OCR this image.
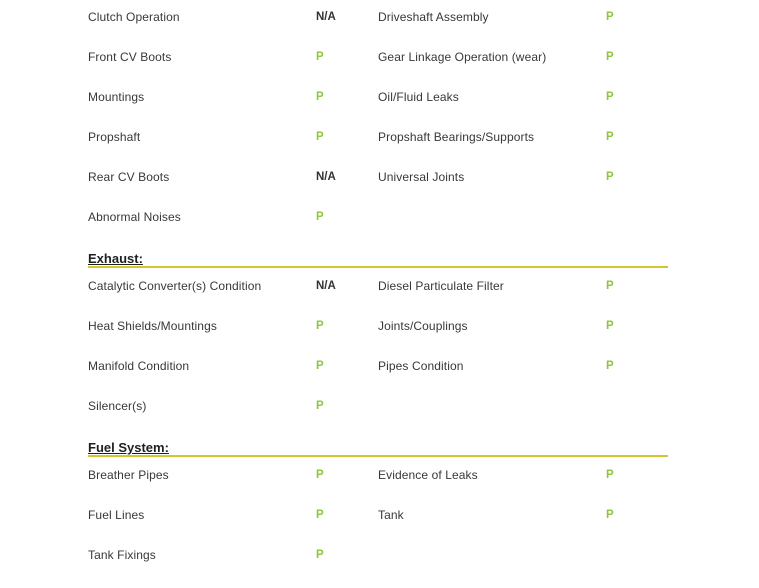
Clutch Operation	N/A	Driveshaft Assembly	P
Front CV Boots	P	Gear Linkage Operation (wear)	P
Mountings	P	Oil/Fluid Leaks	P
Propshaft	P	Propshaft Bearings/Supports	P
Rear CV Boots	N/A	Universal Joints	P
Abnormal Noises	P
Exhaust:
Catalytic Converter(s) Condition	N/A	Diesel Particulate Filter	P
Heat Shields/Mountings	P	Joints/Couplings	P
Manifold Condition	P	Pipes Condition	P
Silencer(s)	P
Fuel System:
Breather Pipes	P	Evidence of Leaks	P
Fuel Lines	P	Tank	P
Tank Fixings	P
